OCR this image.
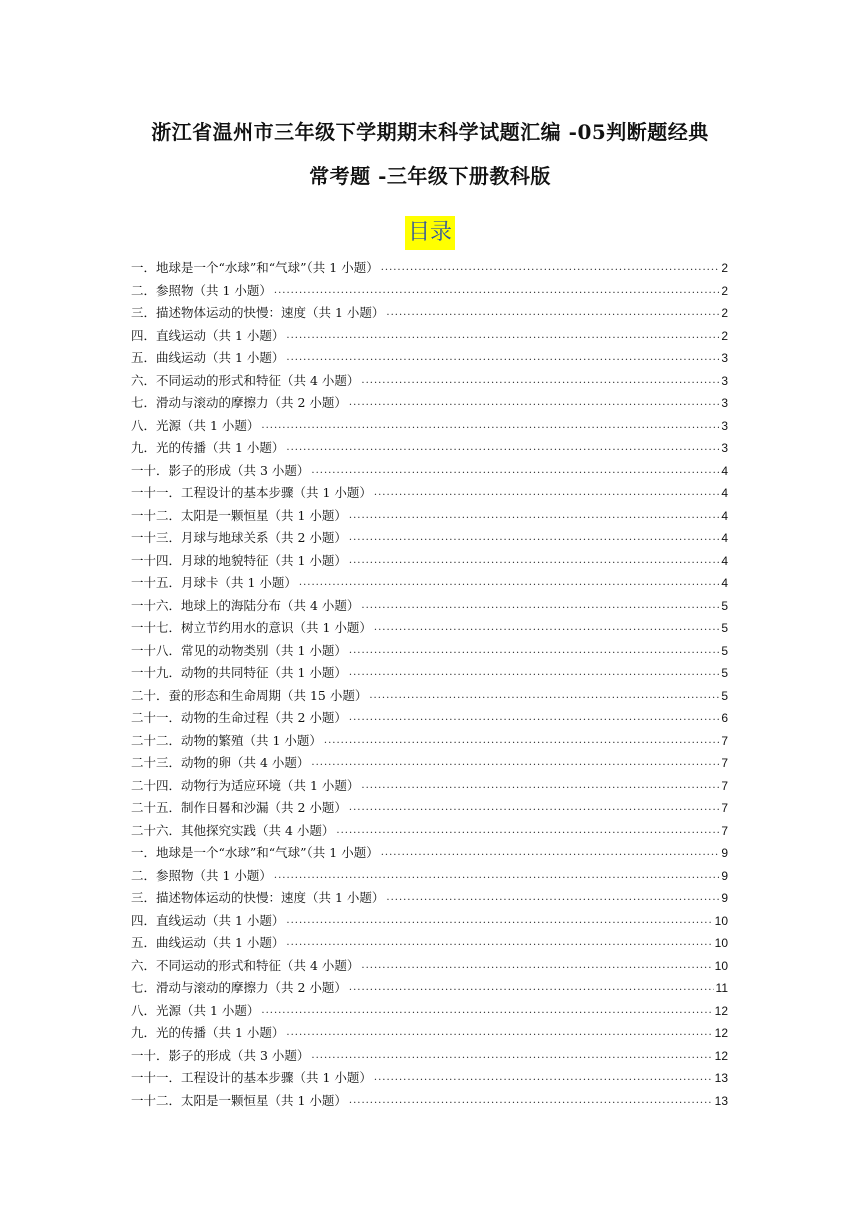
浙江省温州市三年级下学期期末科学试题汇编 -05判断题经典
常考题 -三年级下册教科版
目录
一．地球是一个“水球”和“气球”（共 1 小题） .....	2
二．参照物（共 1 小题） .....	2
三．描述物体运动的快慢：速度（共 1 小题） .....	2
四．直线运动（共 1 小题） .....	2
五．曲线运动（共 1 小题） .....	3
六．不同运动的形式和特征（共 4 小题） .....	3
七．滑动与滚动的摩擦力（共 2 小题） .....	3
八．光源（共 1 小题） .....	3
九．光的传播（共 1 小题） .....	3
一十．影子的形成（共 3 小题） .....	4
一十一．工程设计的基本步骤（共 1 小题） .....	4
一十二．太阳是一颗恒星（共 1 小题） .....	4
一十三．月球与地球关系（共 2 小题） .....	4
一十四．月球的地貌特征（共 1 小题） .....	4
一十五．月球卡（共 1 小题） .....	4
一十六．地球上的海陆分布（共 4 小题） .....	5
一十七．树立节约用水的意识（共 1 小题） .....	5
一十八．常见的动物类别（共 1 小题） .....	5
一十九．动物的共同特征（共 1 小题） .....	5
二十．蚕的形态和生命周期（共 15 小题） .....	5
二十一．动物的生命过程（共 2 小题） .....	6
二十二．动物的繁殖（共 1 小题） .....	7
二十三．动物的卵（共 4 小题） .....	7
二十四．动物行为适应环境（共 1 小题） .....	7
二十五．制作日晷和沙漏（共 2 小题） .....	7
二十六．其他探究实践（共 4 小题） .....	7
一．地球是一个“水球”和“气球”（共 1 小题） .....	9
二．参照物（共 1 小题） .....	9
三．描述物体运动的快慢：速度（共 1 小题） .....	9
四．直线运动（共 1 小题） .....	10
五．曲线运动（共 1 小题） .....	10
六．不同运动的形式和特征（共 4 小题） .....	10
七．滑动与滚动的摩擦力（共 2 小题） .....	11
八．光源（共 1 小题） .....	12
九．光的传播（共 1 小题） .....	12
一十．影子的形成（共 3 小题） .....	12
一十一．工程设计的基本步骤（共 1 小题） .....	13
一十二．太阳是一颗恒星（共 1 小题） .....	13
